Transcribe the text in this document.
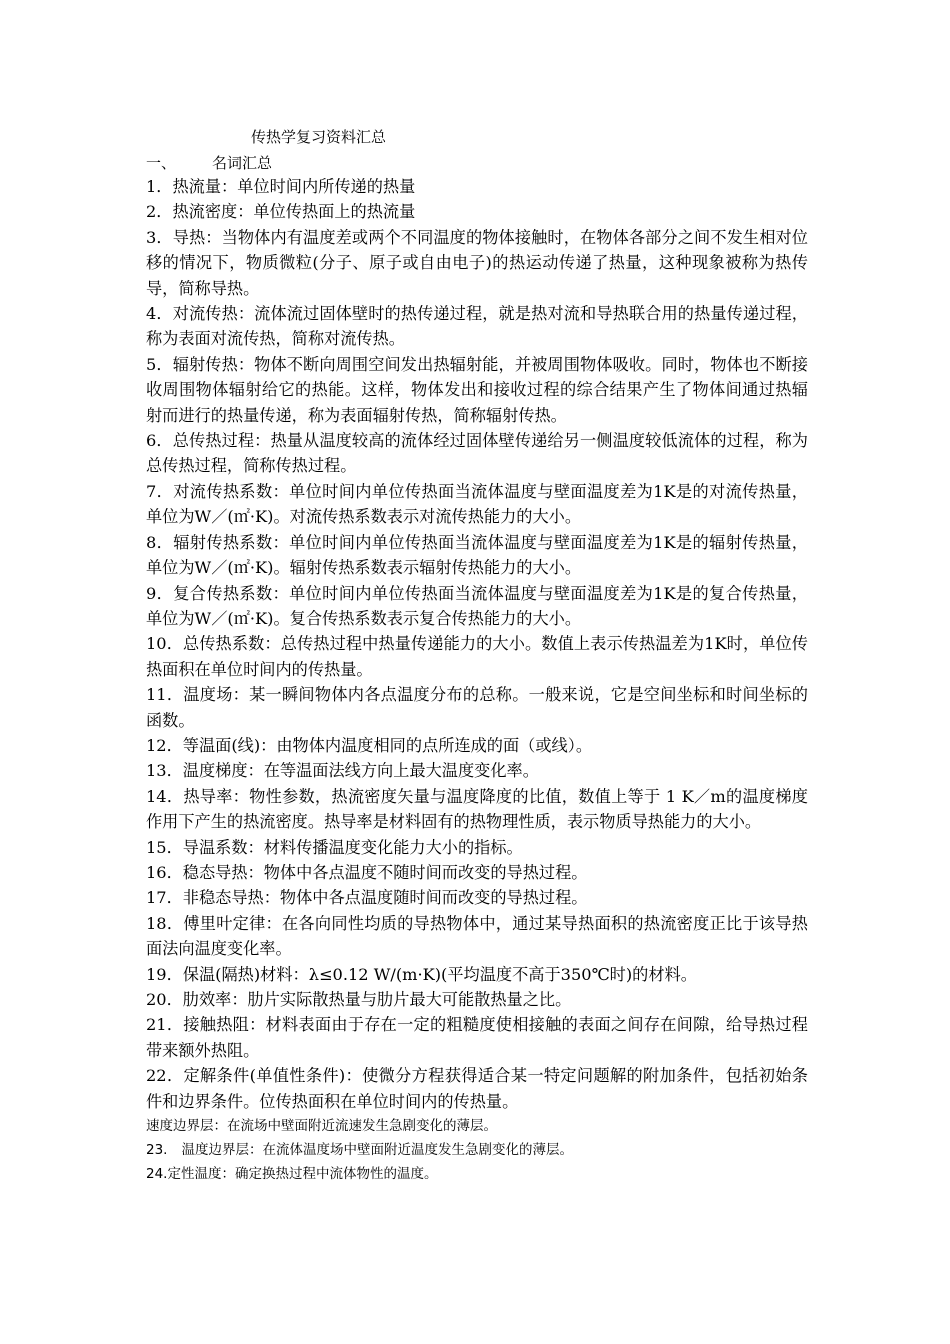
传热学复习资料汇总
一、 名词汇总

1．热流量：单位时间内所传递的热量

2．热流密度：单位传热面上的热流量

3．导热：当物体内有温度差或两个不同温度的物体接触时，在物体各部分之间不发生相对位移的情况下，物质微粒(分子、原子或自由电子)的热运动传递了热量，这种现象被称为热传导，简称导热。

4．对流传热：流体流过固体壁时的热传递过程，就是热对流和导热联合用的热量传递过程，称为表面对流传热，简称对流传热。

5．辐射传热：物体不断向周围空间发出热辐射能，并被周围物体吸收。同时，物体也不断接收周围物体辐射给它的热能。这样，物体发出和接收过程的综合结果产生了物体间通过热辐射而进行的热量传递，称为表面辐射传热，简称辐射传热。

6．总传热过程：热量从温度较高的流体经过固体壁传递给另一侧温度较低流体的过程，称为总传热过程，简称传热过程。

7．对流传热系数：单位时间内单位传热面当流体温度与壁面温度差为1K是的对流传热量，单位为W／(㎡·K)。对流传热系数表示对流传热能力的大小。

8．辐射传热系数：单位时间内单位传热面当流体温度与壁面温度差为1K是的辐射传热量，单位为W／(㎡·K)。辐射传热系数表示辐射传热能力的大小。

9．复合传热系数：单位时间内单位传热面当流体温度与壁面温度差为1K是的复合传热量，单位为W／(㎡·K)。复合传热系数表示复合传热能力的大小。

10．总传热系数：总传热过程中热量传递能力的大小。数值上表示传热温差为1K时，单位传热面积在单位时间内的传热量。

11．温度场：某一瞬间物体内各点温度分布的总称。一般来说，它是空间坐标和时间坐标的函数。

12．等温面(线)：由物体内温度相同的点所连成的面（或线）。

13．温度梯度：在等温面法线方向上最大温度变化率。

14．热导率：物性参数，热流密度矢量与温度降度的比值，数值上等于 1 K／m的温度梯度作用下产生的热流密度。热导率是材料固有的热物理性质，表示物质导热能力的大小。

15．导温系数：材料传播温度变化能力大小的指标。

16．稳态导热：物体中各点温度不随时间而改变的导热过程。

17．非稳态导热：物体中各点温度随时间而改变的导热过程。

18．傅里叶定律：在各向同性均质的导热物体中，通过某导热面积的热流密度正比于该导热面法向温度变化率。

19．保温(隔热)材料：λ≤0.12 W/(m·K)(平均温度不高于350℃时)的材料。

20．肋效率：肋片实际散热量与肋片最大可能散热量之比。

21．接触热阻：材料表面由于存在一定的粗糙度使相接触的表面之间存在间隙，给导热过程带来额外热阻。

22．定解条件(单值性条件)：使微分方程获得适合某一特定问题解的附加条件，包括初始条件和边界条件。位传热面积在单位时间内的传热量。

速度边界层：在流场中壁面附近流速发生急剧变化的薄层。

23. 温度边界层：在流体温度场中壁面附近温度发生急剧变化的薄层。

24.定性温度：确定换热过程中流体物性的温度。
